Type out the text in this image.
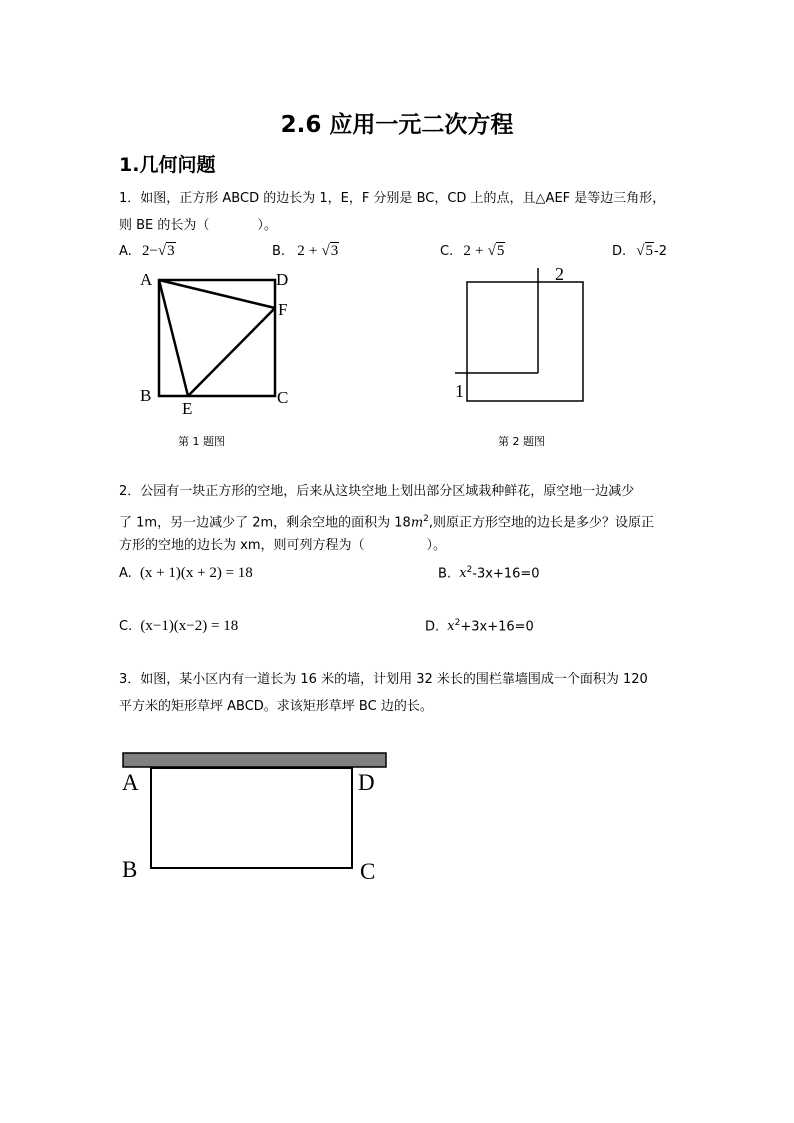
2.6 应用一元二次方程
1.几何问题
1．如图，正方形 ABCD 的边长为 1，E，F 分别是 BC，CD 上的点，且△AEF 是等边三角形，
则 BE 的长为（	）。
A. 2−√3	B. 2 + √3	C. 2 + √5	D. √5-2
A	D
F
B	C
E
第 1 题图
2
1
第 2 题图
2．公园有一块正方形的空地，后来从这块空地上划出部分区域栽种鲜花，原空地一边减少
了 1m，另一边减少了 2m，剩余空地的面积为 $18m^2$,则原正方形空地的边长是多少？设原正
方形的空地的边长为 xm，则可列方程为（	）。
A. (x + 1)(x + 2) = 18	B. $x^2-3x+16=0$
C. (x−1)(x−2) = 18	D. $x^2+3x+16=0$
3．如图，某小区内有一道长为 16 米的墙，计划用 32 米长的围栏靠墙围成一个面积为 120
平方米的矩形草坪 ABCD。求该矩形草坪 BC 边的长。
A	D
B	C
